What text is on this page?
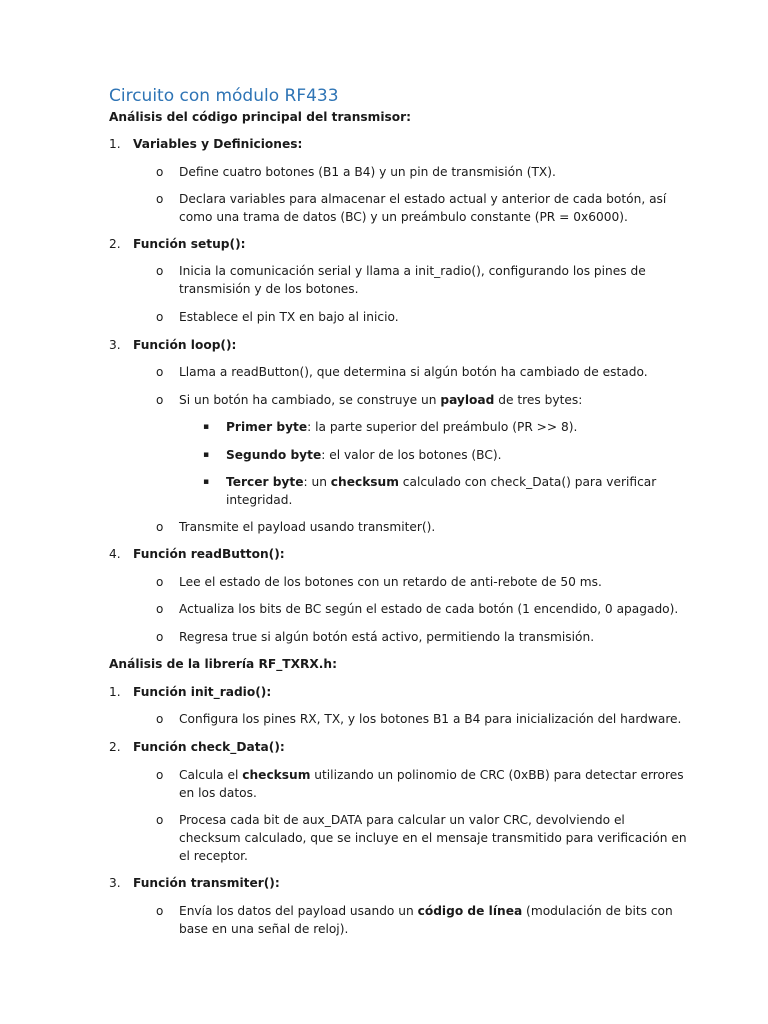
Circuito con módulo RF433
Análisis del código principal del transmisor:
1. Variables y Definiciones:
o Define cuatro botones (B1 a B4) y un pin de transmisión (TX).
o Declara variables para almacenar el estado actual y anterior de cada botón, así
como una trama de datos (BC) y un preámbulo constante (PR = 0x6000).
2. Función setup():
o Inicia la comunicación serial y llama a init_radio(), configurando los pines de
transmisión y de los botones.
o Establece el pin TX en bajo al inicio.
3. Función loop():
o Llama a readButton(), que determina si algún botón ha cambiado de estado.
o Si un botón ha cambiado, se construye un payload de tres bytes:
▪ Primer byte: la parte superior del preámbulo (PR >> 8).
▪ Segundo byte: el valor de los botones (BC).
▪ Tercer byte: un checksum calculado con check_Data() para verificar
integridad.
o Transmite el payload usando transmiter().
4. Función readButton():
o Lee el estado de los botones con un retardo de anti-rebote de 50 ms.
o Actualiza los bits de BC según el estado de cada botón (1 encendido, 0 apagado).
o Regresa true si algún botón está activo, permitiendo la transmisión.
Análisis de la librería RF_TXRX.h:
1. Función init_radio():
o Configura los pines RX, TX, y los botones B1 a B4 para inicialización del hardware.
2. Función check_Data():
o Calcula el checksum utilizando un polinomio de CRC (0xBB) para detectar errores
en los datos.
o Procesa cada bit de aux_DATA para calcular un valor CRC, devolviendo el
checksum calculado, que se incluye en el mensaje transmitido para verificación en
el receptor.
3. Función transmiter():
o Envía los datos del payload usando un código de línea (modulación de bits con
base en una señal de reloj).
